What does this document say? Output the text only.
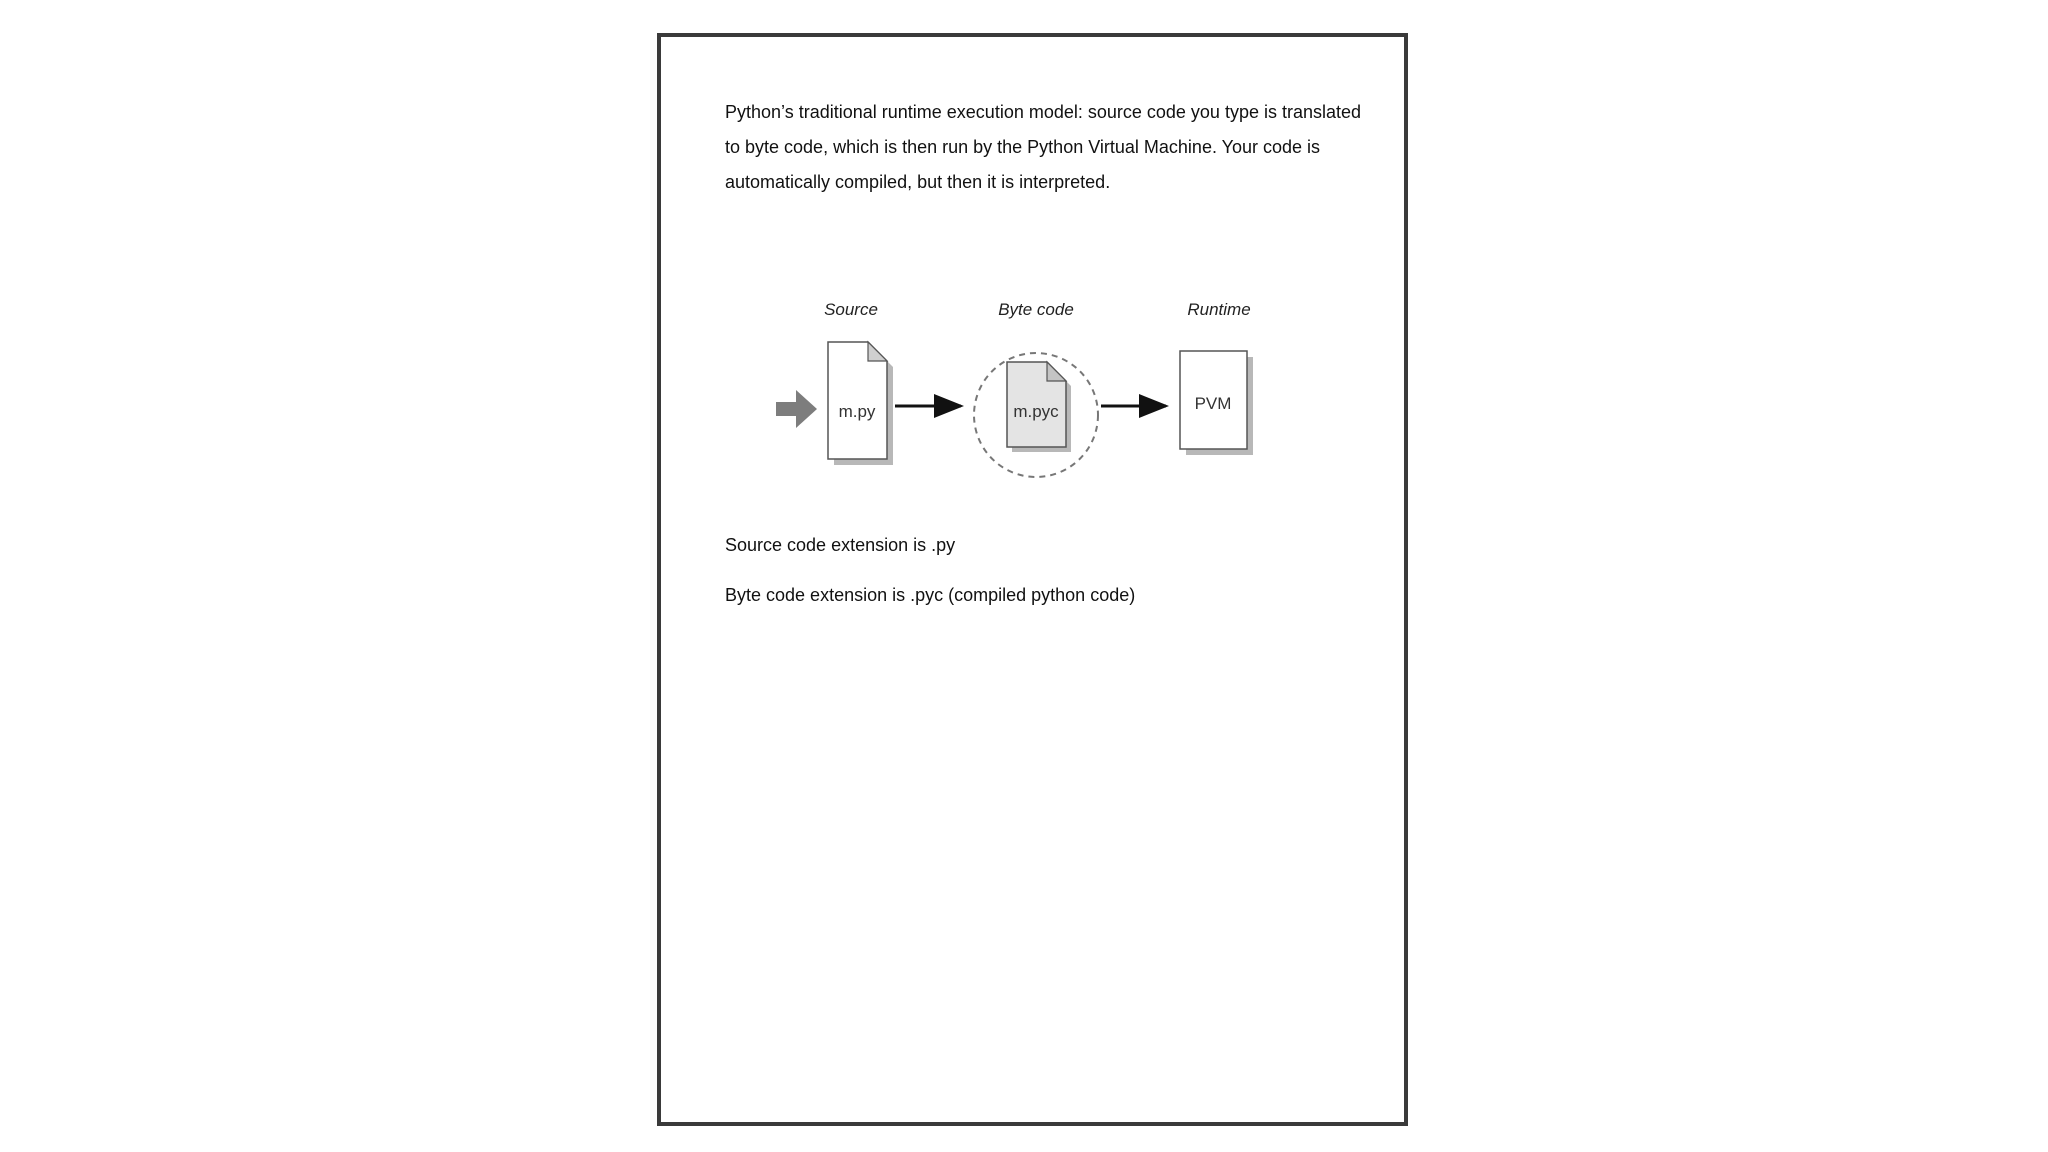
Python’s traditional runtime execution model: source code you type is translated to byte code, which is then run by the Python Virtual Machine. Your code is automatically compiled, but then it is interpreted.

Source	Byte code	Runtime
m.py	m.pyc	PVM

Source code extension is .py

Byte code extension is .pyc (compiled python code)
